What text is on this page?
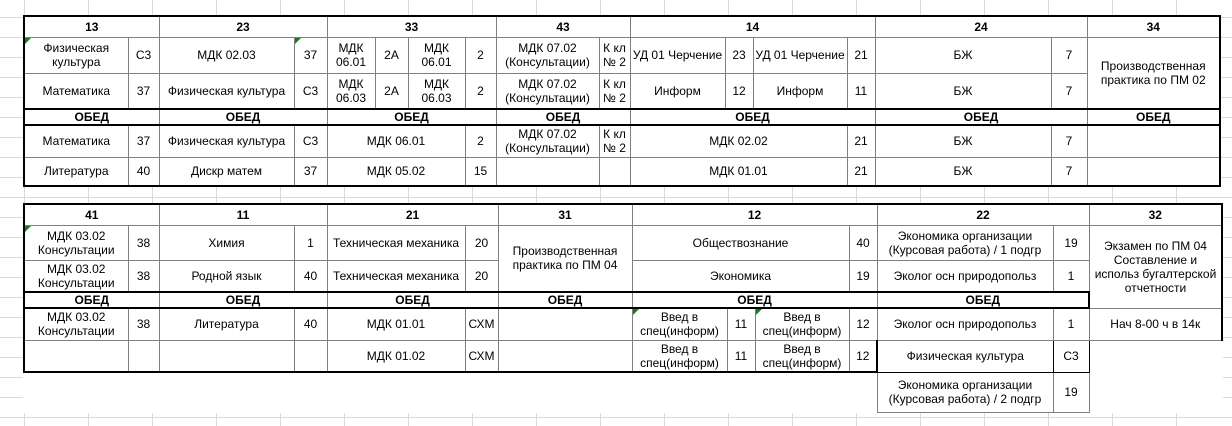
13		23		33				43		14				24		34

Физическая культура	С3	МДК 02.03	37	МДК 06.01	2А	МДК 06.01	2	МДК 07.02 (Консультации)	К кл № 2	УД 01 Черчение	23	УД 01 Черчение	21	БЖ	7	Производственная практика по ПМ 02
Математика	37	Физическая культура	С3	МДК 06.03	2А	МДК 06.03	2	МДК 07.02 (Консультации)	К кл № 2	Информ	12	Информ	11	БЖ	7	
ОБЕД		ОБЕД		ОБЕД				ОБЕД		ОБЕД				ОБЕД		ОБЕД
Математика	37	Физическая культура	С3	МДК 06.01			2	МДК 07.02 (Консультации)	К кл № 2	МДК 02.02			21	БЖ	7	
Литература	40	Дискр матем	37	МДК 05.02			15			МДК 01.01			21	БЖ	7	
41		11		21		31	12				22		32

МДК 03.02 Консультации	38	Химия	1	Техническая механика	20	Производственная практика по ПМ 04	Обществознание			40	Экономика организации (Курсовая работа) / 1 подгр	19	Экзамен по ПМ 04 Составление и использ бугалтерской отчетности
МДК 03.02 Консультации	38	Родной язык	40	Техническая механика	20		Экономика			19	Эколог осн природопольз	1	
ОБЕД		ОБЕД		ОБЕД		ОБЕД	ОБЕД				ОБЕД		
МДК 03.02 Консультации	38	Литература	40	МДК 01.01	СХМ		Введ в спец(информ)	11	Введ в спец(информ)	12	Эколог осн природопольз	1	Нач 8-00 ч в 14к
				МДК 01.02	СХМ		Введ в спец(информ)	11	Введ в спец(информ)	12	Физическая культура	С3	
											Экономика организации (Курсовая работа) / 2 подгр	19	
